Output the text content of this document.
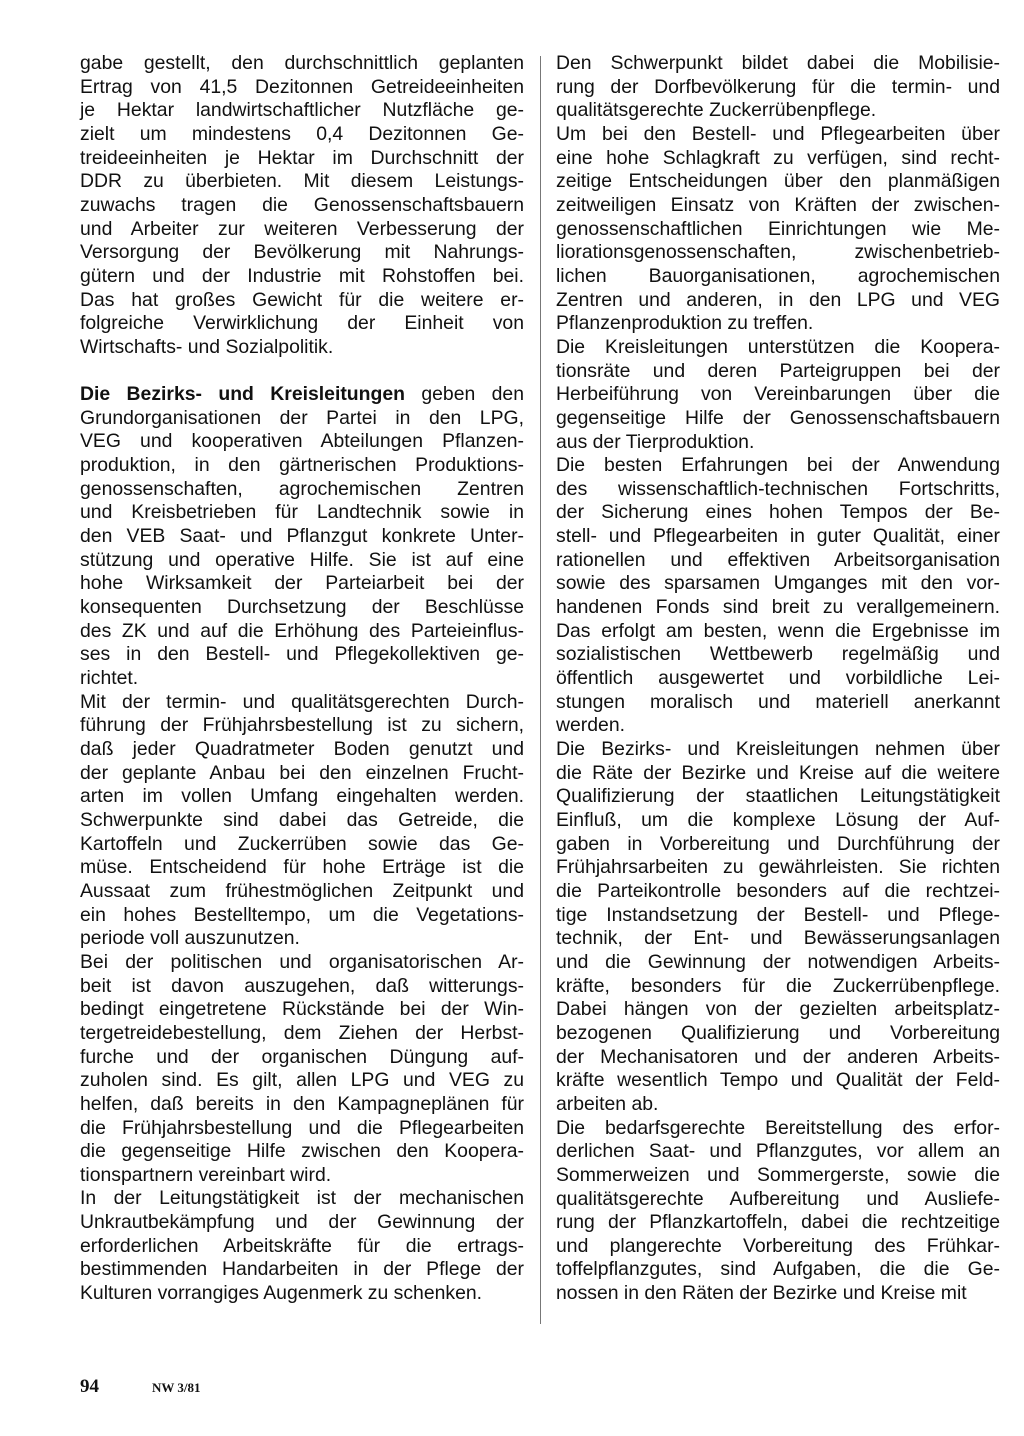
gabe gestellt, den durchschnittlich geplanten
Ertrag von 41,5 Dezitonnen Getreideeinheiten
je Hektar landwirtschaftlicher Nutzfläche ge-
zielt um mindestens 0,4 Dezitonnen Ge-
treideeinheiten je Hektar im Durchschnitt der
DDR zu überbieten. Mit diesem Leistungs-
zuwachs tragen die Genossenschaftsbauern
und Arbeiter zur weiteren Verbesserung der
Versorgung der Bevölkerung mit Nahrungs-
gütern und der Industrie mit Rohstoffen bei.
Das hat großes Gewicht für die weitere er-
folgreiche Verwirklichung der Einheit von
Wirtschafts- und Sozialpolitik.
Die Bezirks- und Kreisleitungen geben den
Grundorganisationen der Partei in den LPG,
VEG und kooperativen Abteilungen Pflanzen-
produktion, in den gärtnerischen Produktions-
genossenschaften, agrochemischen Zentren
und Kreisbetrieben für Landtechnik sowie in
den VEB Saat- und Pflanzgut konkrete Unter-
stützung und operative Hilfe. Sie ist auf eine
hohe Wirksamkeit der Parteiarbeit bei der
konsequenten Durchsetzung der Beschlüsse
des ZK und auf die Erhöhung des Parteieinflus-
ses in den Bestell- und Pflegekollektiven ge-
richtet.
Mit der termin- und qualitätsgerechten Durch-
führung der Frühjahrsbestellung ist zu sichern,
daß jeder Quadratmeter Boden genutzt und
der geplante Anbau bei den einzelnen Frucht-
arten im vollen Umfang eingehalten werden.
Schwerpunkte sind dabei das Getreide, die
Kartoffeln und Zuckerrüben sowie das Ge-
müse. Entscheidend für hohe Erträge ist die
Aussaat zum frühestmöglichen Zeitpunkt und
ein hohes Bestelltempo, um die Vegetations-
periode voll auszunutzen.
Bei der politischen und organisatorischen Ar-
beit ist davon auszugehen, daß witterungs-
bedingt eingetretene Rückstände bei der Win-
tergetreidebestellung, dem Ziehen der Herbst-
furche und der organischen Düngung auf-
zuholen sind. Es gilt, allen LPG und VEG zu
helfen, daß bereits in den Kampagneplänen für
die Frühjahrsbestellung und die Pflegearbeiten
die gegenseitige Hilfe zwischen den Kooperа-
tionspartnern vereinbart wird.
In der Leitungstätigkeit ist der mechanischen
Unkrautbekämpfung und der Gewinnung der
erforderlichen Arbeitskräfte für die ertrags-
bestimmenden Handarbeiten in der Pflege der
Kulturen vorrangiges Augenmerk zu schenken.
Den Schwerpunkt bildet dabei die Mobilisie-
rung der Dorfbevölkerung für die termin- und
qualitätsgerechte Zuckerrübenpflege.
Um bei den Bestell- und Pflegearbeiten über
eine hohe Schlagkraft zu verfügen, sind recht-
zeitige Entscheidungen über den planmäßigen
zeitweiligen Einsatz von Kräften der zwischen-
genossenschaftlichen Einrichtungen wie Me-
liorationsgenossenschaften, zwischenbetrieb-
lichen Bauorganisationen, agrochemischen
Zentren und anderen, in den LPG und VEG
Pflanzenproduktion zu treffen.
Die Kreisleitungen unterstützen die Kooperа-
tionsräte und deren Parteigruppen bei der
Herbeiführung von Vereinbarungen über die
gegenseitige Hilfe der Genossenschaftsbauern
aus der Tierproduktion.
Die besten Erfahrungen bei der Anwendung
des wissenschaftlich-technischen Fortschritts,
der Sicherung eines hohen Tempos der Be-
stell- und Pflegearbeiten in guter Qualität, einer
rationellen und effektiven Arbeitsorganisation
sowie des sparsamen Umganges mit den vor-
handenen Fonds sind breit zu verallgemeinern.
Das erfolgt am besten, wenn die Ergebnisse im
sozialistischen Wettbewerb regelmäßig und
öffentlich ausgewertet und vorbildliche Lei-
stungen moralisch und materiell anerkannt
werden.
Die Bezirks- und Kreisleitungen nehmen über
die Räte der Bezirke und Kreise auf die weitere
Qualifizierung der staatlichen Leitungstätigkeit
Einfluß, um die komplexe Lösung der Auf-
gaben in Vorbereitung und Durchführung der
Frühjahrsarbeiten zu gewährleisten. Sie richten
die Parteikontrolle besonders auf die rechtzei-
tige Instandsetzung der Bestell- und Pflege-
technik, der Ent- und Bewässerungsanlagen
und die Gewinnung der notwendigen Arbeits-
kräfte, besonders für die Zuckerrübenpflege.
Dabei hängen von der gezielten arbeitsplatz-
bezogenen Qualifizierung und Vorbereitung
der Mechanisatoren und der anderen Arbeits-
kräfte wesentlich Tempo und Qualität der Feld-
arbeiten ab.
Die bedarfsgerechte Bereitstellung des erfor-
derlichen Saat- und Pflanzgutes, vor allem an
Sommerweizen und Sommergerste, sowie die
qualitätsgerechte Aufbereitung und Ausliefe-
rung der Pflanzkartoffeln, dabei die rechtzeitige
und plangerechte Vorbereitung des Frühkar-
toffelpflanzgutes, sind Aufgaben, die die Ge-
nossen in den Räten der Bezirke und Kreise mit
94	NW 3/81
